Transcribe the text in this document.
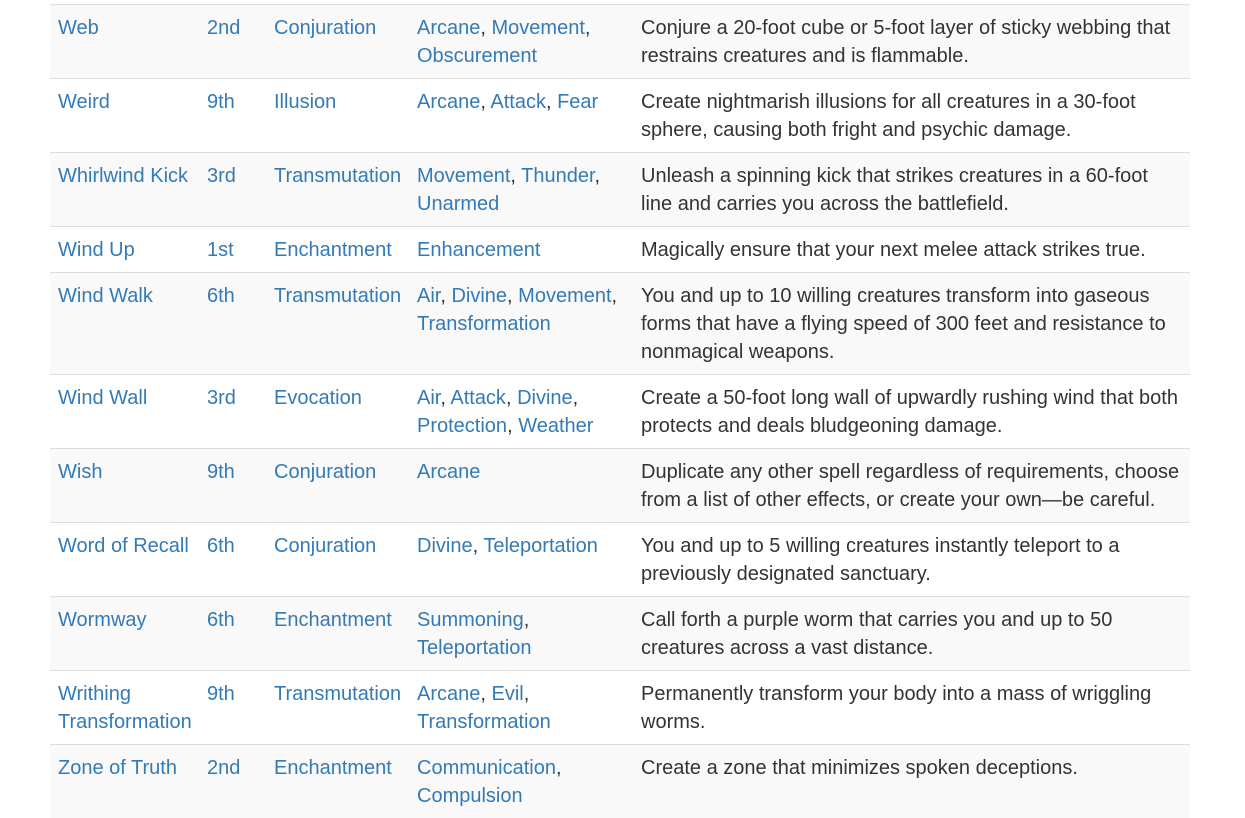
Web	2nd	Conjuration	Arcane, Movement, Obscurement	Conjure a 20-foot cube or 5-foot layer of sticky webbing that restrains creatures and is flammable.
Weird	9th	Illusion	Arcane, Attack, Fear	Create nightmarish illusions for all creatures in a 30-foot sphere, causing both fright and psychic damage.
Whirlwind Kick	3rd	Transmutation	Movement, Thunder, Unarmed	Unleash a spinning kick that strikes creatures in a 60-foot line and carries you across the battlefield.
Wind Up	1st	Enchantment	Enhancement	Magically ensure that your next melee attack strikes true.
Wind Walk	6th	Transmutation	Air, Divine, Movement, Transformation	You and up to 10 willing creatures transform into gaseous forms that have a flying speed of 300 feet and resistance to nonmagical weapons.
Wind Wall	3rd	Evocation	Air, Attack, Divine, Protection, Weather	Create a 50-foot long wall of upwardly rushing wind that both protects and deals bludgeoning damage.
Wish	9th	Conjuration	Arcane	Duplicate any other spell regardless of requirements, choose from a list of other effects, or create your own—be careful.
Word of Recall	6th	Conjuration	Divine, Teleportation	You and up to 5 willing creatures instantly teleport to a previously designated sanctuary.
Wormway	6th	Enchantment	Summoning, Teleportation	Call forth a purple worm that carries you and up to 50 creatures across a vast distance.
Writhing Transformation	9th	Transmutation	Arcane, Evil, Transformation	Permanently transform your body into a mass of wriggling worms.
Zone of Truth	2nd	Enchantment	Communication, Compulsion	Create a zone that minimizes spoken deceptions.
